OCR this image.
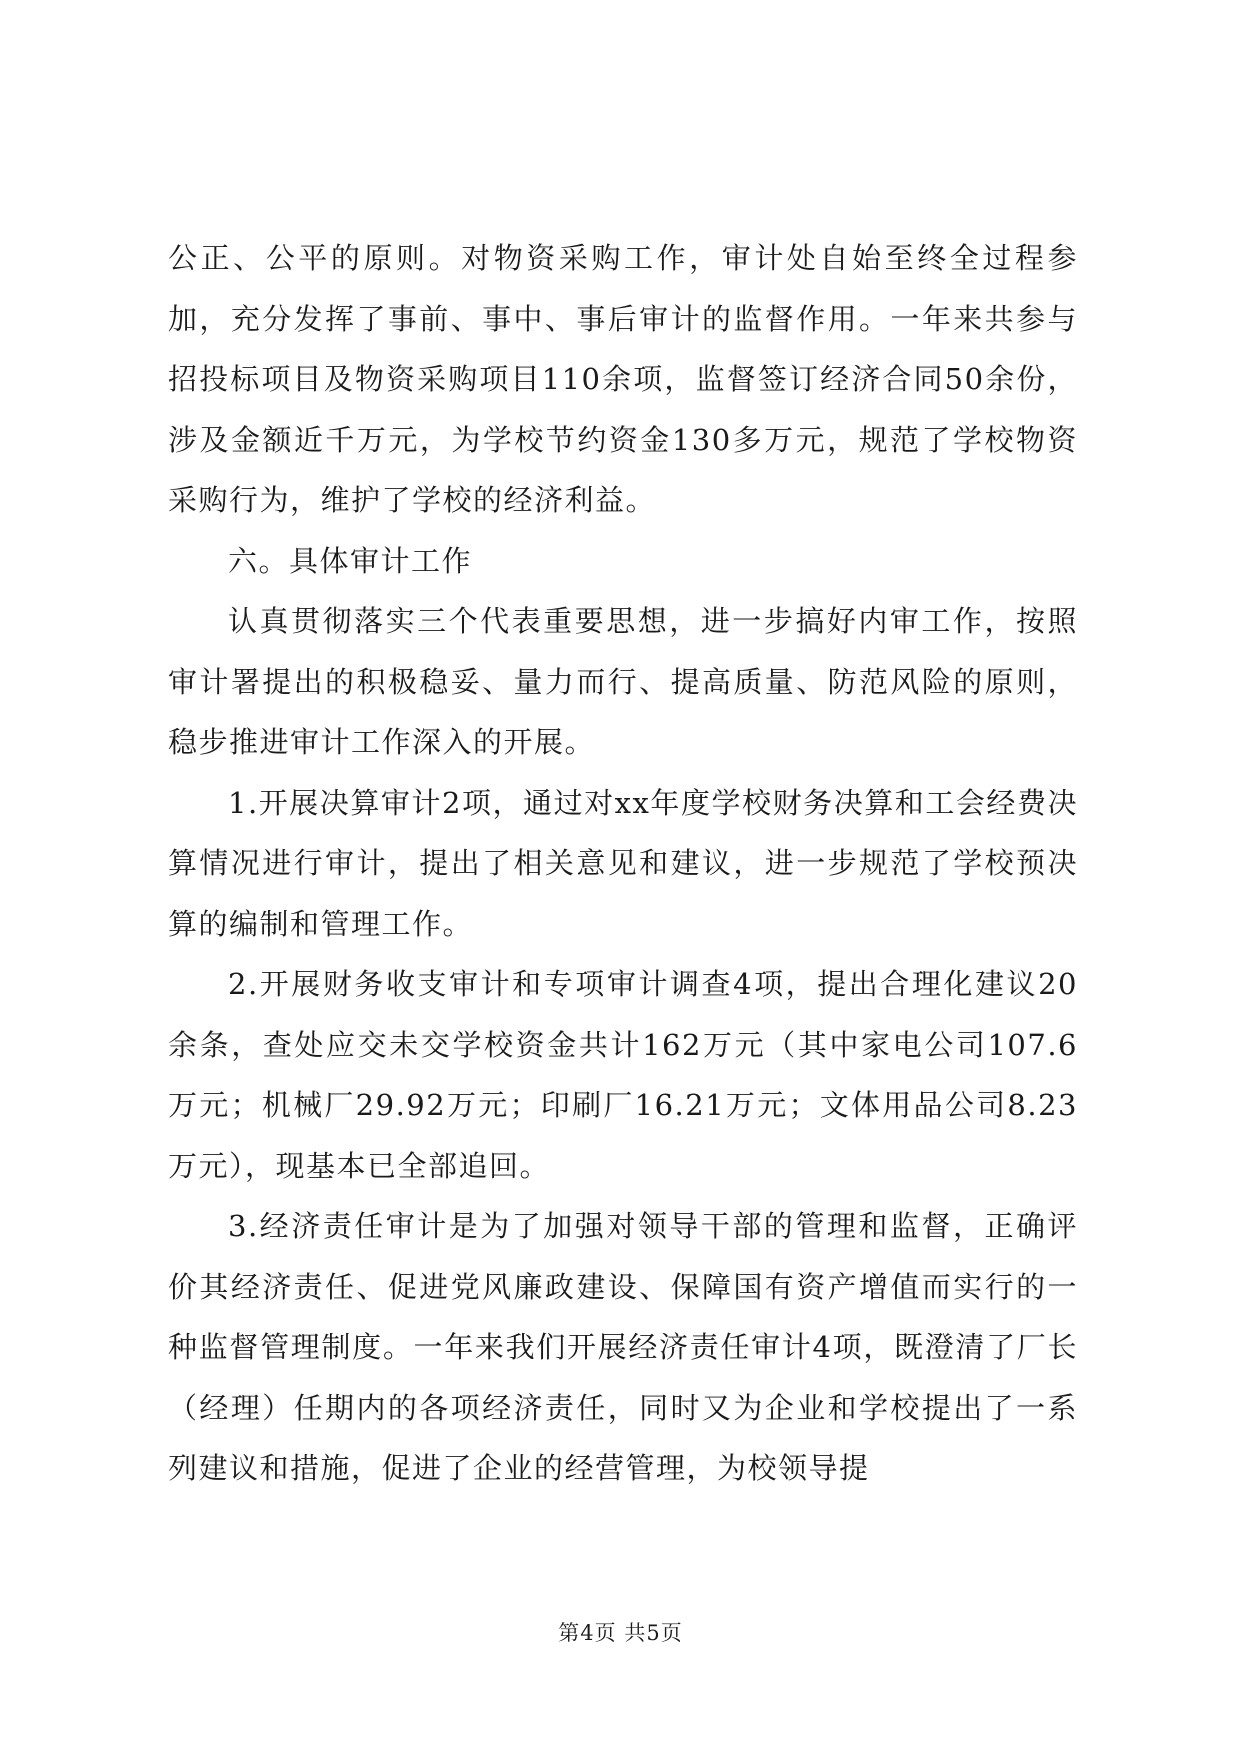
公正、公平的原则。对物资采购工作，审计处自始至终全过程参加，充分发挥了事前、事中、事后审计的监督作用。一年来共参与招投标项目及物资采购项目110余项，监督签订经济合同50余份，涉及金额近千万元，为学校节约资金130多万元，规范了学校物资采购行为，维护了学校的经济利益。

六。具体审计工作

认真贯彻落实三个代表重要思想，进一步搞好内审工作，按照审计署提出的积极稳妥、量力而行、提高质量、防范风险的原则，稳步推进审计工作深入的开展。

1.开展决算审计2项，通过对xx年度学校财务决算和工会经费决算情况进行审计，提出了相关意见和建议，进一步规范了学校预决算的编制和管理工作。

2.开展财务收支审计和专项审计调查4项，提出合理化建议20余条，查处应交未交学校资金共计162万元（其中家电公司107.6万元；机械厂29.92万元；印刷厂16.21万元；文体用品公司8.23万元），现基本已全部追回。

3.经济责任审计是为了加强对领导干部的管理和监督，正确评价其经济责任、促进党风廉政建设、保障国有资产增值而实行的一种监督管理制度。一年来我们开展经济责任审计4项，既澄清了厂长（经理）任期内的各项经济责任，同时又为企业和学校提出了一系列建议和措施，促进了企业的经营管理，为校领导提

第4页 共5页
